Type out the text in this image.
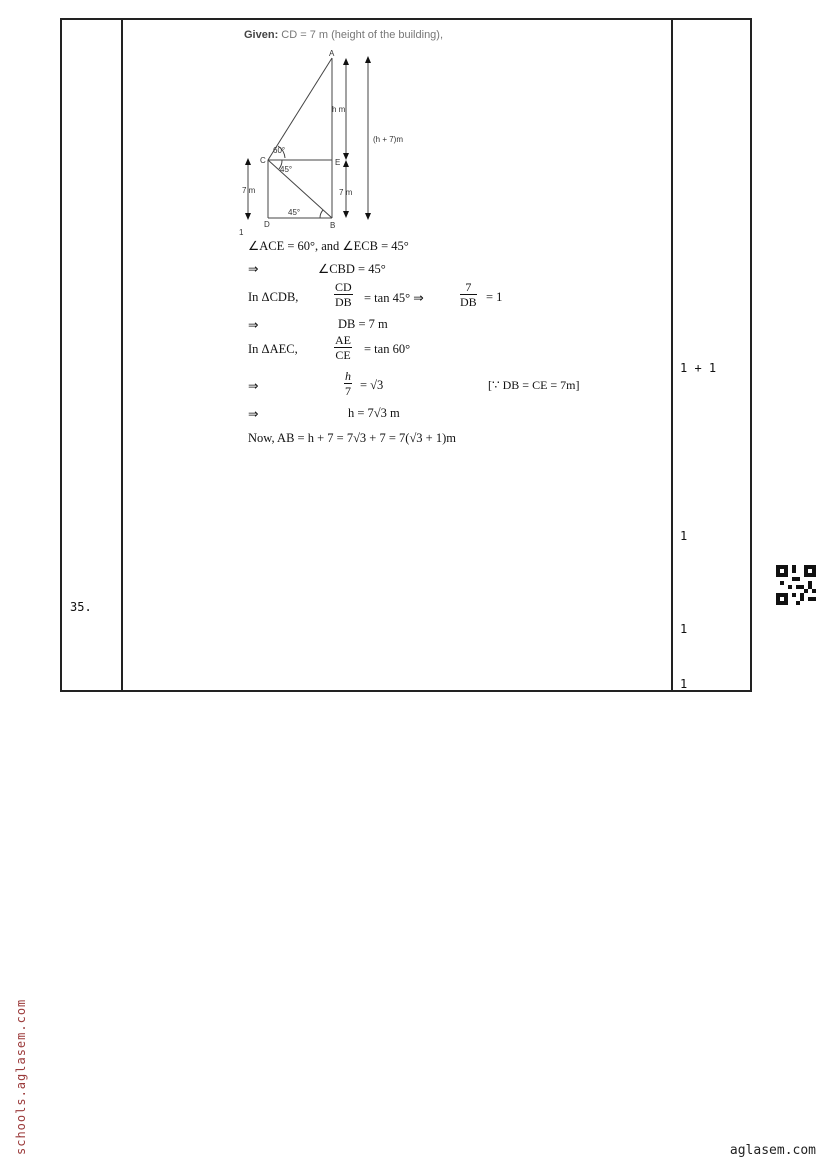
35.
Given: CD = 7 m (height of the building),
A
C	E
D	B
1
60°
45°
45°
h m
(h + 7)m
7 m
7 m
∠ACE = 60°, and ∠ECB = 45°
⇒	∠CBD = 45°
In ΔCDB,	$\frac{CD}{DB} = \tan 45^\circ$ ⇒	$\frac{7}{DB} = 1$
⇒	DB = 7 m
In ΔAEC,	$\frac{AE}{CE} = \tan 60^\circ$
⇒	$\frac{h}{7} = √3$	[∵ DB = CE = 7m]
⇒	h = 7√3 m
Now, AB = h + 7 = 7√3 + 7 = 7(√3 + 1)m
1 + 1
1
1
1
schools.aglasem.com	aglasem.com
